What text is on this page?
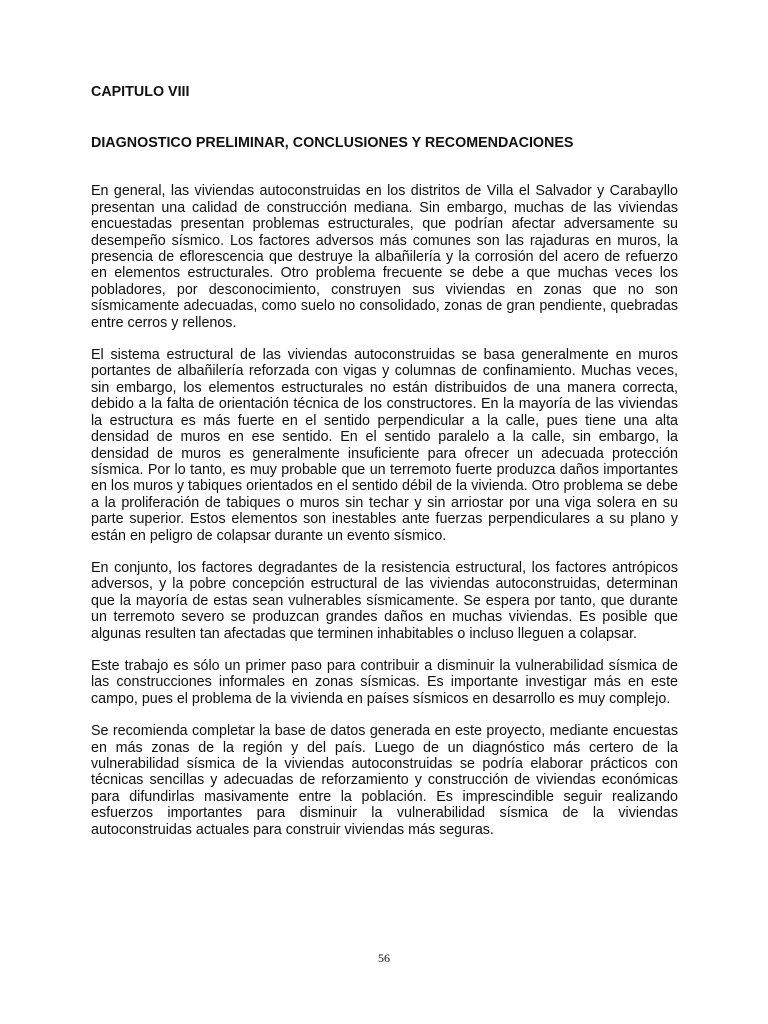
CAPITULO VIII

DIAGNOSTICO PRELIMINAR, CONCLUSIONES Y RECOMENDACIONES

En general, las viviendas autoconstruidas en los distritos de Villa el Salvador y Carabayllo presentan una calidad de construcción mediana. Sin embargo, muchas de las viviendas encuestadas presentan problemas estructurales, que podrían afectar adversamente su desempeño sísmico. Los factores adversos más comunes son las rajaduras en muros, la presencia de eflorescencia que destruye la albañilería y la corrosión del acero de refuerzo en elementos estructurales. Otro problema frecuente se debe a que muchas veces los pobladores, por desconocimiento, construyen sus viviendas en zonas que no son sísmicamente adecuadas, como suelo no consolidado, zonas de gran pendiente, quebradas entre cerros y rellenos.

El sistema estructural de las viviendas autoconstruidas se basa generalmente en muros portantes de albañilería reforzada con vigas y columnas de confinamiento. Muchas veces, sin embargo, los elementos estructurales no están distribuidos de una manera correcta, debido a la falta de orientación técnica de los constructores. En la mayoría de las viviendas la estructura es más fuerte en el sentido perpendicular a la calle, pues tiene una alta densidad de muros en ese sentido. En el sentido paralelo a la calle, sin embargo, la densidad de muros es generalmente insuficiente para ofrecer un adecuada protección sísmica. Por lo tanto, es muy probable que un terremoto fuerte produzca daños importantes en los muros y tabiques orientados en el sentido débil de la vivienda. Otro problema se debe a la proliferación de tabiques o muros sin techar y sin arriostar por una viga solera en su parte superior. Estos elementos son inestables ante fuerzas perpendiculares a su plano y están en peligro de colapsar durante un evento sísmico.

En conjunto, los factores degradantes de la resistencia estructural, los factores antrópicos adversos, y la pobre concepción estructural de las viviendas autoconstruidas, determinan que la mayoría de estas sean vulnerables sísmicamente. Se espera por tanto, que durante un terremoto severo se produzcan grandes daños en muchas viviendas. Es posible que algunas resulten tan afectadas que terminen inhabitables o incluso lleguen a colapsar.

Este trabajo es sólo un primer paso para contribuir a disminuir la vulnerabilidad sísmica de las construcciones informales en zonas sísmicas. Es importante investigar más en este campo, pues el problema de la vivienda en países sísmicos en desarrollo es muy complejo.

Se recomienda completar la base de datos generada en este proyecto, mediante encuestas en más zonas de la región y del país. Luego de un diagnóstico más certero de la vulnerabilidad sísmica de la viviendas autoconstruidas se podría elaborar prácticos con técnicas sencillas y adecuadas de reforzamiento y construcción de viviendas económicas para difundirlas masivamente entre la población. Es imprescindible seguir realizando esfuerzos importantes para disminuir la vulnerabilidad sísmica de la viviendas autoconstruidas actuales para construir viviendas más seguras.

56
